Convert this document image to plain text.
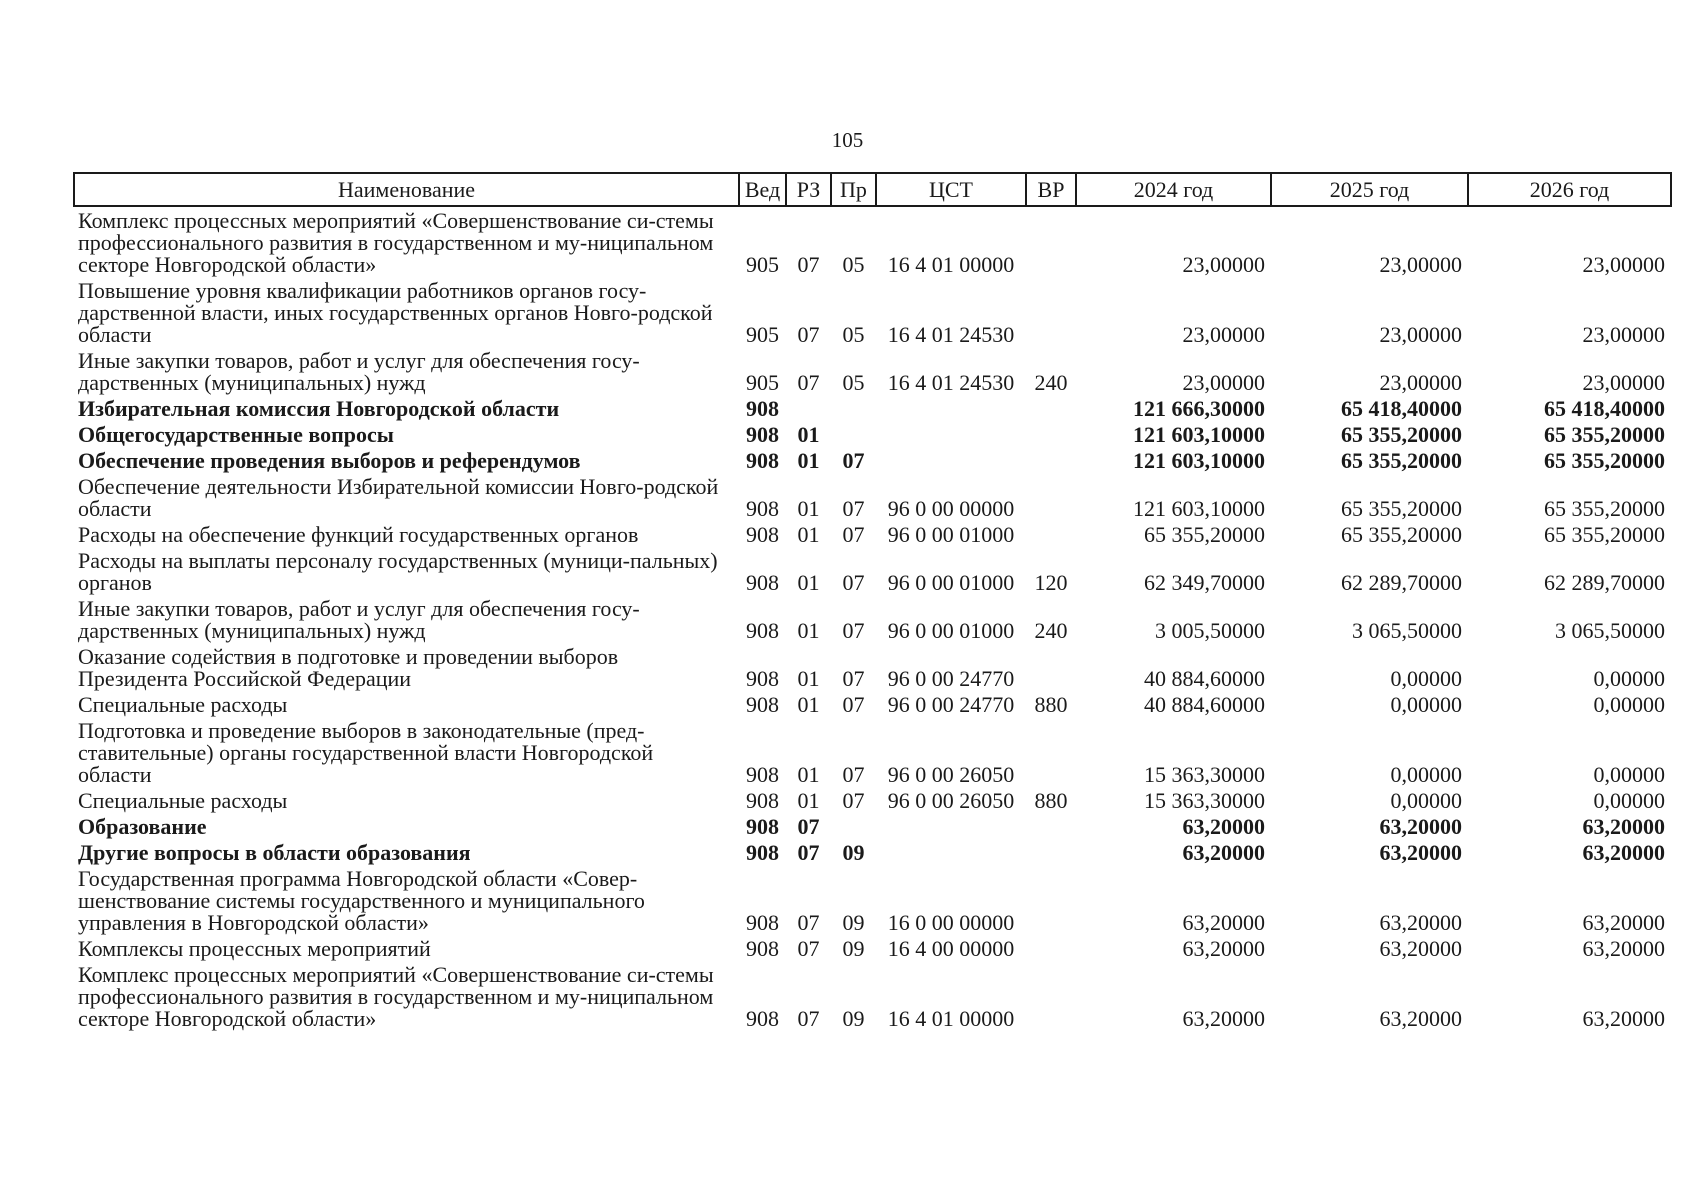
105
Наименование	Вед	РЗ	Пр	ЦСТ	ВР	2024 год	2025 год	2026 год
Комплекс процессных мероприятий «Совершенствование си-стемы профессионального развития в государственном и му-ниципальном секторе Новгородской области»	905	07	05	16 4 01 00000		23,00000	23,00000	23,00000
Повышение уровня квалификации работников органов госу-дарственной власти, иных государственных органов Новго-родской области	905	07	05	16 4 01 24530		23,00000	23,00000	23,00000
Иные закупки товаров, работ и услуг для обеспечения госу-дарственных (муниципальных) нужд	905	07	05	16 4 01 24530	240	23,00000	23,00000	23,00000
Избирательная комиссия Новгородской области	908					121 666,30000	65 418,40000	65 418,40000
Общегосударственные вопросы	908	01				121 603,10000	65 355,20000	65 355,20000
Обеспечение проведения выборов и референдумов	908	01	07			121 603,10000	65 355,20000	65 355,20000
Обеспечение деятельности Избирательной комиссии Новго-родской области	908	01	07	96 0 00 00000		121 603,10000	65 355,20000	65 355,20000
Расходы на обеспечение функций государственных органов	908	01	07	96 0 00 01000		65 355,20000	65 355,20000	65 355,20000
Расходы на выплаты персоналу государственных (муници-пальных) органов	908	01	07	96 0 00 01000	120	62 349,70000	62 289,70000	62 289,70000
Иные закупки товаров, работ и услуг для обеспечения госу-дарственных (муниципальных) нужд	908	01	07	96 0 00 01000	240	3 005,50000	3 065,50000	3 065,50000
Оказание содействия в подготовке и проведении выборов Президента Российской Федерации	908	01	07	96 0 00 24770		40 884,60000	0,00000	0,00000
Специальные расходы	908	01	07	96 0 00 24770	880	40 884,60000	0,00000	0,00000
Подготовка и проведение выборов в законодательные (пред-ставительные) органы государственной власти Новгородской области	908	01	07	96 0 00 26050		15 363,30000	0,00000	0,00000
Специальные расходы	908	01	07	96 0 00 26050	880	15 363,30000	0,00000	0,00000
Образование	908	07				63,20000	63,20000	63,20000
Другие вопросы в области образования	908	07	09			63,20000	63,20000	63,20000
Государственная программа Новгородской области «Совер-шенствование системы государственного и муниципального управления в Новгородской области»	908	07	09	16 0 00 00000		63,20000	63,20000	63,20000
Комплексы процессных мероприятий	908	07	09	16 4 00 00000		63,20000	63,20000	63,20000
Комплекс процессных мероприятий «Совершенствование си-стемы профессионального развития в государственном и му-ниципальном секторе Новгородской области»	908	07	09	16 4 01 00000		63,20000	63,20000	63,20000
